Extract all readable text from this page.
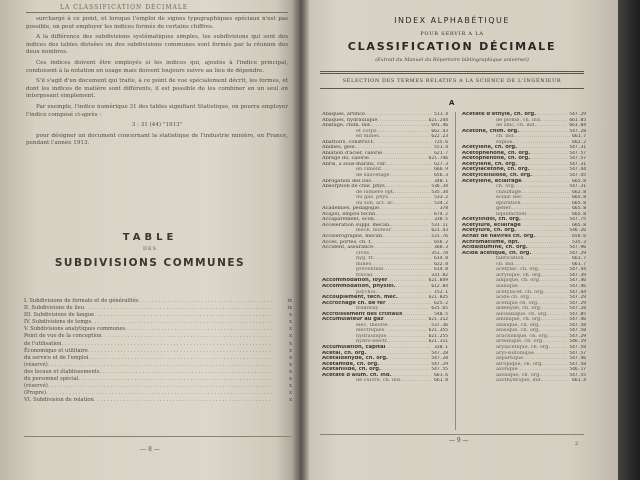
LA CLASSIFICATION DÉCIMALE

surchargé à ce point, et lorsque l'emploi de signes typographiques spéciaux n'est pas possible, on peut employer les indices formés de certains chiffres.

A la différence des subdivisions systématiques simples, les subdivisions qui sont des indices des tables divisées ou des subdivisions communes sont formés par la réunion des deux nombres.

Ces indices doivent être employés si les indices qui, ajoutés à l'indice principal, conduisent à la notation en usage mais doivent toujours suivre au lieu de dépendre.

S'il s'agit d'un document qui traite, à ce point de vue spécialement décrit, les formes, et dont les indices de matière sont différents, il est possible de les combiner en un seul en interposant simplement.

Par exemple, l'indice numérique 31 des tables signifiant Statistique, on pourra employer l'indice composé ci-après :

3 : 31 (44) "1913"

pour désigner un document concernant la statistique de l'industrie minière, en France, pendant l'année 1913.

TABLE
DES
SUBDIVISIONS COMMUNES
I. Subdivisions de formats et de généralités . . .	ix
II. Subdivisions de lieu . . .	ix
III. Subdivisions de langue . . .	x
IV. Subdivisions de temps . . .	x
V. Subdivisions analytiques communes . . .	x
Point de vue de la conception . . .	x
de l'utilisation . . .	x
Économique et utilitaire . . .	x
du service et de l'emploi . . .	x
(réservé) . . .	x
des locaux et établissements . . .	x
du personnel spécial . . .	x
(réservé) . . .	x
(Propre) . . .	x
VI. Subdivision de relation . . .	x
— 8 —
INDEX ALPHABÉTIQUE
POUR SERVIR A LA
CLASSIFICATION DÉCIMALE
(Extrait du Manuel du Répertoire bibliographique universel)
SÉLECTION DES TERMES RELATIFS A LA SCIENCE DE L'INGÉNIEUR
A
Abaques, artifice .....	511.4
Abaques, hydraulique .....	621.244
Abatage, chim. ind. .....	691.46
et corps .....	662.43
en mines .....	622.23
Abattoirs, construct. .....	725.6
Abîmes, géol. .....	551.4
Ablation d'acier, calorie .....	621.7
Abrégé du, calorie .....	621.746
Abris, à sous-marins, cur. .....	627.3
en ciment .....	666.9
de sauvetage .....	656.3
Abrogation des lois .....	340.1
Absorption de chal. phys. .....	536.34
de lumière opt. .....	535.34
du gaz, phys. .....	533.2
du son, act. ac. .....	534.2
Académies, pédagogie .....	378
Acajou, emploi techn. .....	674.2
Accaparement, écon. .....	338.5
Accélération suppl. mécan. .....	531.11
méch. moteur .....	621.43
Accélérographe, mécan. .....	531.76
Accès, portes, ch. f. .....	656.2
Accident, assurance .....	368.3
civils .....	351.78
hyg. tr. .....	614.8
mines .....	622.8
prévention .....	614.8
travail .....	331.82
Accommodation, loyer .....	621.849
Accommodation, physiol. .....	612.84
psychol. .....	152.1
Accouplement, tech. méc. .....	621.825
Accrochage ch. de fer .....	625.2
tramway .....	625.65
Accroissement des cristaux .....	548.5
Accumulateur au gaz .....	621.312
élec. théorie .....	537.36
électriques .....	621.355
hydraulique .....	621.255
hydro-électr. .....	621.311
Accumulation, capital .....	330.1
Acétal, ch. org. .....	547.28
Acétaldéhyde, ch. org. .....	547.28
Acétamide, ch. org. .....	547.29
Acétanilide, ch. org. .....	547.55
Acétate d'alum. ch. ind. .....	661.6
de cuivre, ch. ind. .....	661.8
Acétate d'éthyle, ch. org. .....	547.29
de plomb, ch. ind. .....	661.85
de zinc, ch. ind. .....	661.84
Acétone, chim. org. .....	547.28
ch. ind. .....	661.7
explos. .....	662.2
Acétylène, ch. org. .....	547.31
Acétophénone, ch. org. .....	547.57
Acétophénone, ch. org. .....	547.57
Acétylène, ch. org. .....	547.31
Acétylacétone, ch. org. .....	547.44
Acétylcellulose, ch. org. .....	547.45
Acétylène, éclairage .....	665.8
ch. org. .....	547.31
chauffage .....	662.8
éclair. bec .....	665.8
épuration .....	665.8
génér. .....	665.8
liquéfaction .....	665.8
Acétylindol, ch. org. .....	547.75
Acétylure, éclairage .....	665.8
Acétylure, ch. org. .....	546.26
Achat de navires ch. org. .....	656.6
Achromatisme, opt. .....	535.3
Acidalbumine, ch. org. .....	547.96
Acide acétique, ch. org. .....	547.29
fabrication .....	661.7
ch. ind. .....	661.7
acétylac. ch. org. .....	547.44
acrylique, ch. org. .....	547.39
adipique, ch. org. .....	547.46
alanique .....	547.46
acétylacét. ch. org. .....	547.44
acide ch. org. .....	547.29
acétique ch. org. .....	547.29
aldéhyde, ch. org. .....	547.28
alloxanique, ch. org. .....	547.85
aminique, ch. org. .....	547.46
anisique, ch. org. .....	547.58
anisique, ch. org. .....	547.58
arachidique, ch. org. .....	547.29
arsénique, ch. org. .....	546.19
arylacétique, ch. org. .....	547.58
aryl-sulfonique .....	547.57
aspartique .....	547.46
atropique, ch. org. .....	547.58
azotique .....	546.17
azoxique, ch. org. .....	547.55
azothydrique, ind. .....	661.4
— 9 —	2
